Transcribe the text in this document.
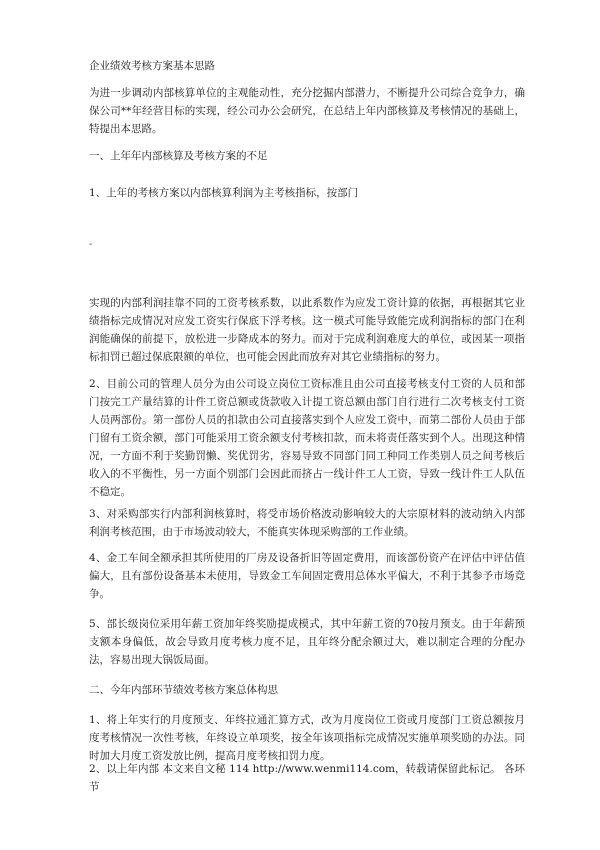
企业绩效考核方案基本思路

为进一步调动内部核算单位的主观能动性，充分挖掘内部潜力，不断提升公司综合竞争力，确保公司**年经营目标的实现，经公司办公会研究，在总结上年内部核算及考核情况的基础上，特提出本思路。

一、上年年内部核算及考核方案的不足

1、上年的考核方案以内部核算利润为主考核指标，按部门

-

实现的内部利润挂靠不同的工资考核系数，以此系数作为应发工资计算的依据，再根据其它业绩指标完成情况对应发工资实行保底下浮考核。这一模式可能导致能完成利润指标的部门在利润能确保的前提下，放松进一步降成本的努力。而对于完成利润难度大的单位，或因某一项指标扣罚已超过保底限额的单位，也可能会因此而放弃对其它业绩指标的努力。

2、目前公司的管理人员分为由公司设立岗位工资标准且由公司直接考核支付工资的人员和部门按完工产量结算的计件工资总额或货款收入计提工资总额由部门自行进行二次考核支付工资人员两部份。第一部份人员的扣款由公司直接落实到个人应发工资中，而第二部份人员由于部门留有工资余额，部门可能采用工资余额支付考核扣款，而未将责任落实到个人。出现这种情况，一方面不利于奖勤罚懒、奖优罚劣，容易导致不同部门同工种同工作类别人员之间考核后收入的不平衡性，另一方面个别部门会因此而挤占一线计件工人工资，导致一线计件工人队伍不稳定。

3、对采购部实行内部利润核算时，将受市场价格波动影响较大的大宗原材料的波动纳入内部利润考核范围，由于市场波动较大，不能真实体现采购部的工作业绩。

4、金工车间全额承担其所使用的厂房及设备折旧等固定费用，而该部份资产在评估中评估值偏大，且有部份设备基本未使用，导致金工车间固定费用总体水平偏大，不利于其参予市场竞争。

5、部长级岗位采用年薪工资加年终奖励提成模式，其中年薪工资的70按月预支。由于年薪预支额本身偏低，故会导致月度考核力度不足，且年终分配余额过大，难以制定合理的分配办法，容易出现大锅饭局面。

二、今年内部环节绩效考核方案总体构思

1、将上年实行的月度预支、年终拉通汇算方式，改为月度岗位工资或月度部门工资总额按月度考核情况一次性考核，年终设立单项奖，按全年该项指标完成情况实施单项奖励的办法。同时加大月度工资发放比例，提高月度考核扣罚力度。

2、以上年内部 本文来自文秘 114 http://www.wenmi114.com，转载请保留此标记。 各环节
